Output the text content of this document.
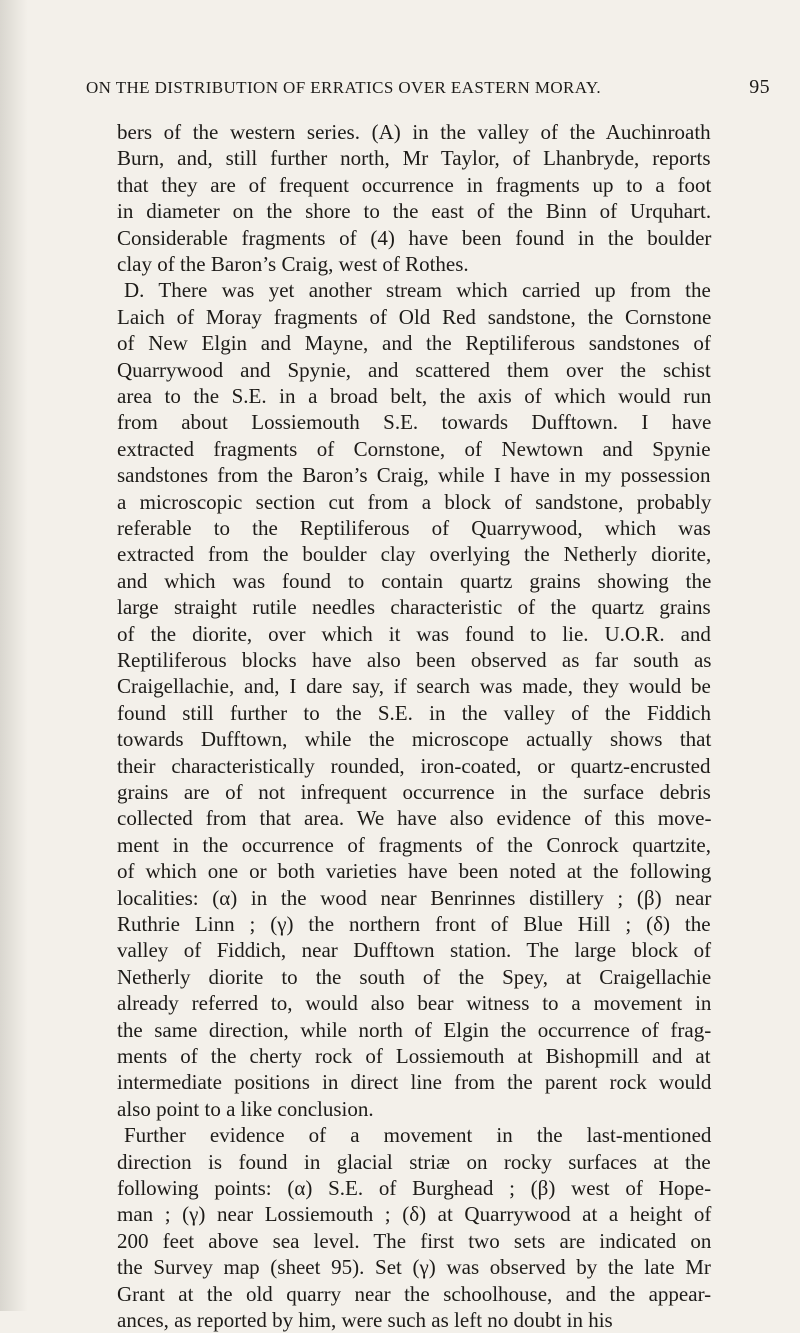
ON THE DISTRIBUTION OF ERRATICS OVER EASTERN MORAY.	95
bers of the western series. (A) in the valley of the Auchinroath
Burn, and, still further north, Mr Taylor, of Lhanbryde, reports
that they are of frequent occurrence in fragments up to a foot
in diameter on the shore to the east of the Binn of Urquhart.
Considerable fragments of (4) have been found in the boulder
clay of the Baron’s Craig, west of Rothes.
D. There was yet another stream which carried up from the
Laich of Moray fragments of Old Red sandstone, the Cornstone
of New Elgin and Mayne, and the Reptiliferous sandstones of
Quarrywood and Spynie, and scattered them over the schist
area to the S.E. in a broad belt, the axis of which would run
from about Lossiemouth S.E. towards Dufftown. I have
extracted fragments of Cornstone, of Newtown and Spynie
sandstones from the Baron’s Craig, while I have in my possession
a microscopic section cut from a block of sandstone, probably
referable to the Reptiliferous of Quarrywood, which was
extracted from the boulder clay overlying the Netherly diorite,
and which was found to contain quartz grains showing the
large straight rutile needles characteristic of the quartz grains
of the diorite, over which it was found to lie. U.O.R. and
Reptiliferous blocks have also been observed as far south as
Craigellachie, and, I dare say, if search was made, they would be
found still further to the S.E. in the valley of the Fiddich
towards Dufftown, while the microscope actually shows that
their characteristically rounded, iron-coated, or quartz-encrusted
grains are of not infrequent occurrence in the surface debris
collected from that area. We have also evidence of this move-
ment in the occurrence of fragments of the Conrock quartzite,
of which one or both varieties have been noted at the following
localities: (α) in the wood near Benrinnes distillery ; (β) near
Ruthrie Linn ; (γ) the northern front of Blue Hill ; (δ) the
valley of Fiddich, near Dufftown station. The large block of
Netherly diorite to the south of the Spey, at Craigellachie
already referred to, would also bear witness to a movement in
the same direction, while north of Elgin the occurrence of frag-
ments of the cherty rock of Lossiemouth at Bishopmill and at
intermediate positions in direct line from the parent rock would
also point to a like conclusion.
Further evidence of a movement in the last-mentioned
direction is found in glacial striæ on rocky surfaces at the
following points: (α) S.E. of Burghead ; (β) west of Hope-
man ; (γ) near Lossiemouth ; (δ) at Quarrywood at a height of
200 feet above sea level. The first two sets are indicated on
the Survey map (sheet 95). Set (γ) was observed by the late Mr
Grant at the old quarry near the schoolhouse, and the appear-
ances, as reported by him, were such as left no doubt in his
